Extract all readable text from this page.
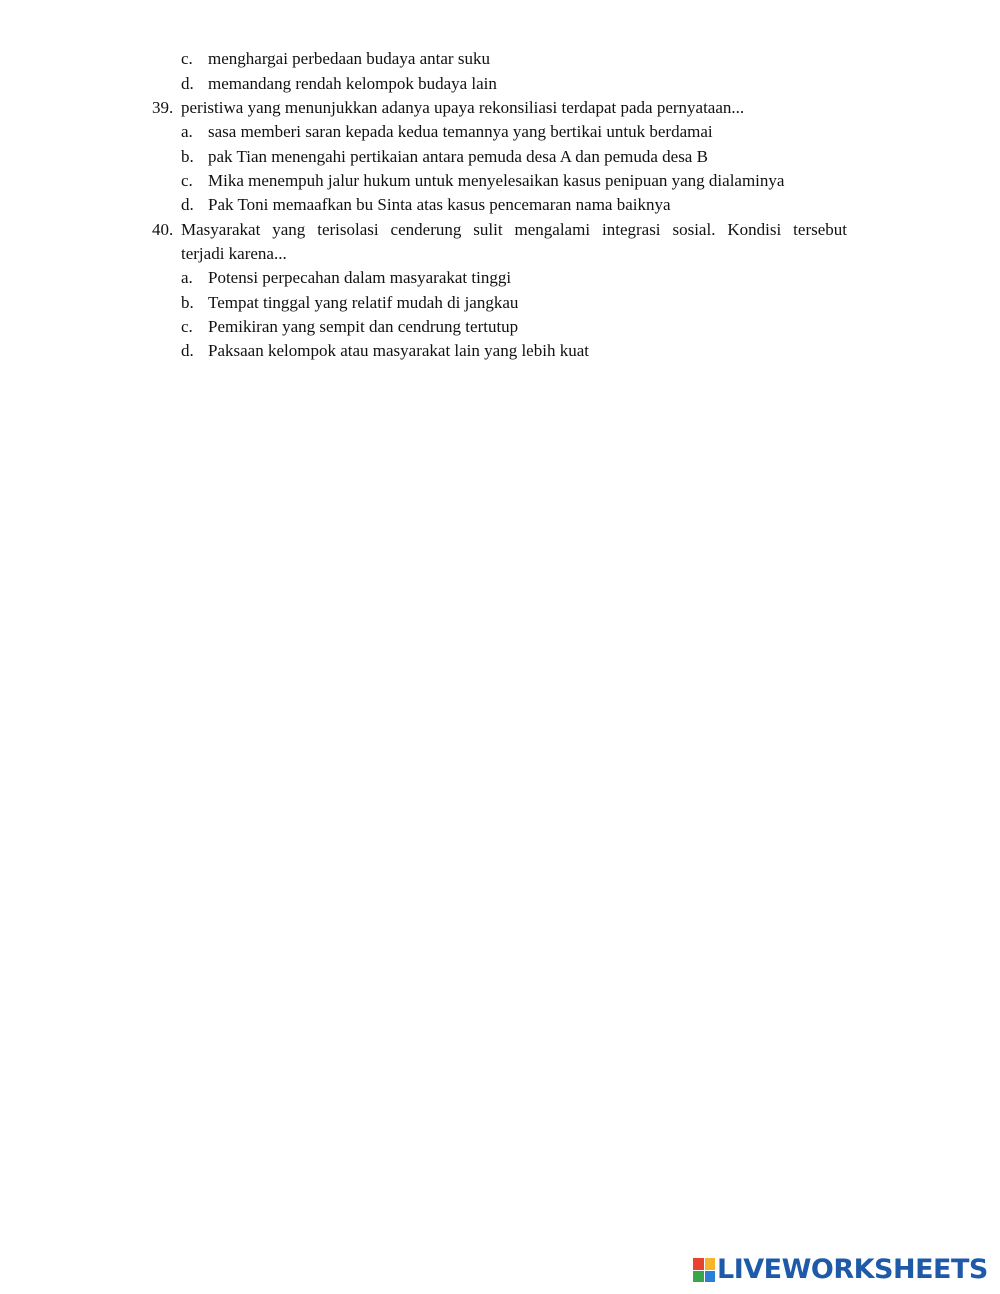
c. menghargai perbedaan budaya antar suku
d. memandang rendah kelompok budaya lain
39. peristiwa yang menunjukkan adanya upaya rekonsiliasi terdapat pada pernyataan...
a. sasa memberi saran kepada kedua temannya yang bertikai untuk berdamai
b. pak Tian menengahi pertikaian antara pemuda desa A dan pemuda desa B
c. Mika menempuh jalur hukum untuk menyelesaikan kasus penipuan yang dialaminya
d. Pak Toni memaafkan bu Sinta atas kasus pencemaran nama baiknya
40. Masyarakat yang terisolasi cenderung sulit mengalami integrasi sosial. Kondisi tersebut
terjadi karena...
a. Potensi perpecahan dalam masyarakat tinggi
b. Tempat tinggal yang relatif mudah di jangkau
c. Pemikiran yang sempit dan cendrung tertutup
d. Paksaan kelompok atau masyarakat lain yang lebih kuat
LIVEWORKSHEETS
